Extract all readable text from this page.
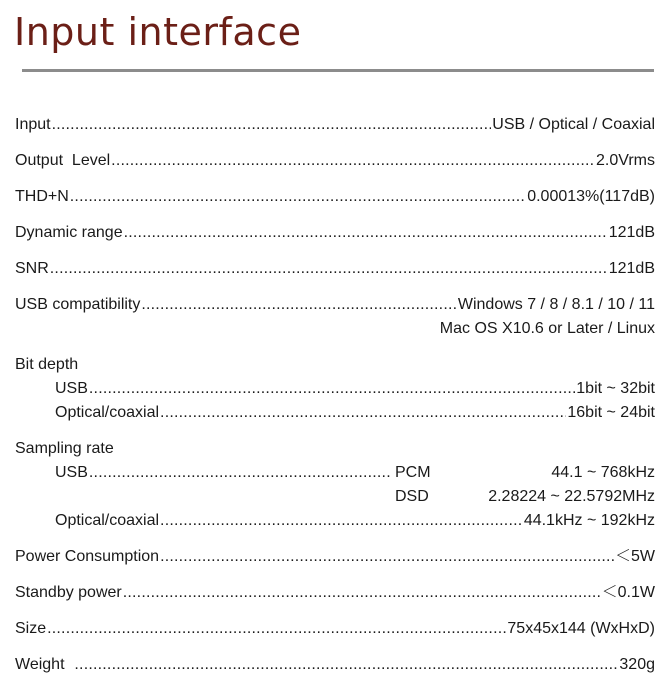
Input interface
Input .....	USB / Optical / Coaxial
Output  Level .....	2.0Vrms
THD+N .....	0.00013%(117dB)
Dynamic range .....	121dB
SNR .....	121dB
USB compatibility .....	Windows 7 / 8 / 8.1 / 10 / 11
Mac OS X10.6 or Later / Linux
Bit depth
USB .....	1bit ~ 32bit
Optical/coaxial .....	16bit ~ 24bit
Sampling rate
USB .....	PCM	44.1 ~ 768kHz
DSD	2.28224 ~ 22.5792MHz
Optical/coaxial .....	44.1kHz ~ 192kHz
Power Consumption .....	＜5W
Standby power .....	＜0.1W
Size .....	75x45x144 (WxHxD)
Weight .....	320g
